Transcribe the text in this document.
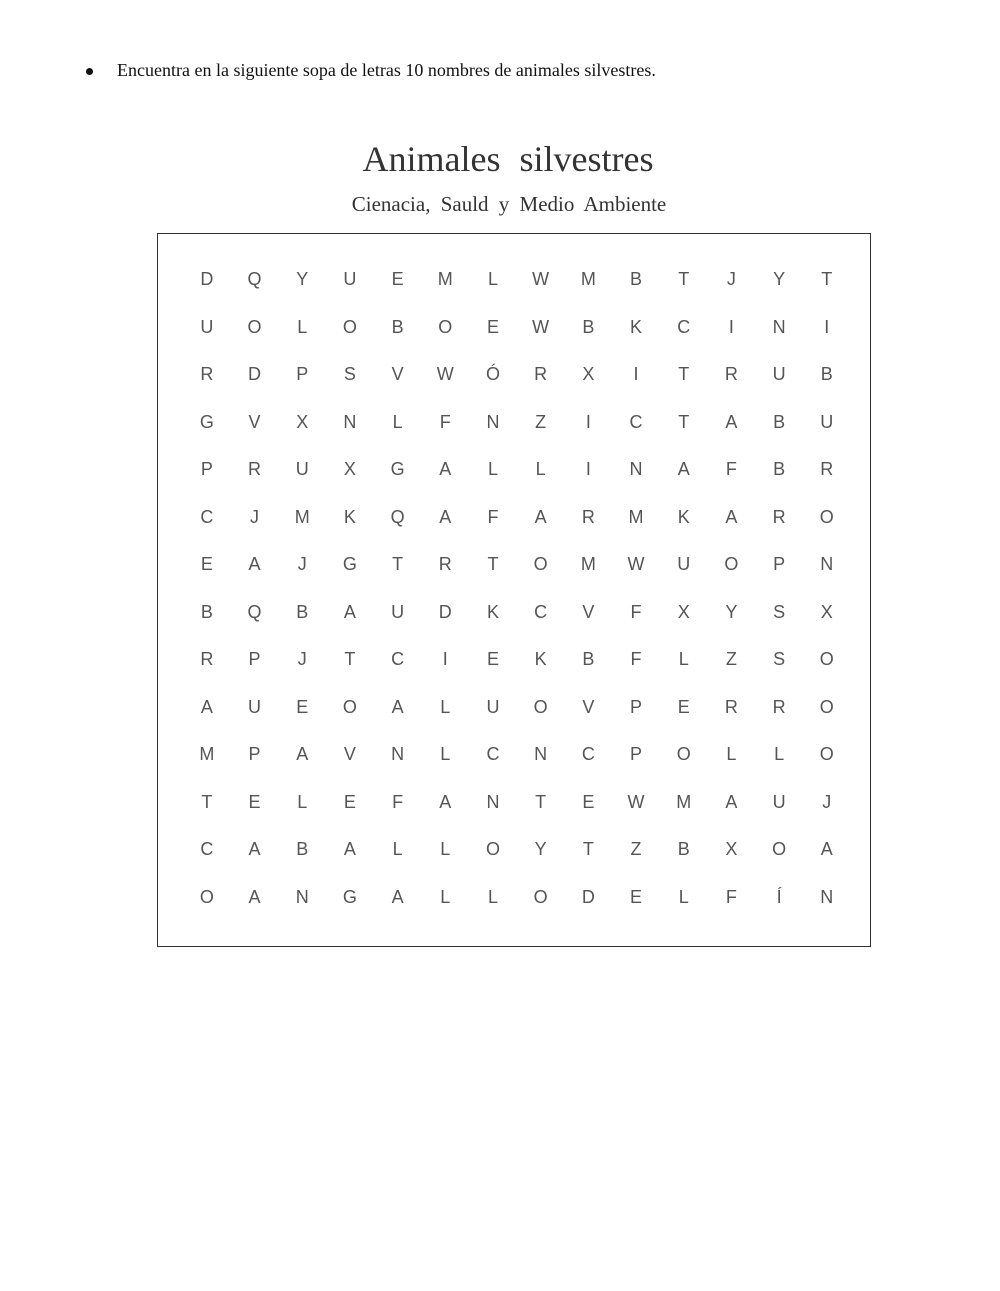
Encuentra en la siguiente sopa de letras 10 nombres de animales silvestres.
Animales silvestres
Cienacia, Sauld y Medio Ambiente
D	Q	Y	U	E	M	L	W	M	B	T	J	Y	T
U	O	L	O	B	O	E	W	B	K	C	I	N	I
R	D	P	S	V	W	Ó	R	X	I	T	R	U	B
G	V	X	N	L	F	N	Z	I	C	T	A	B	U
P	R	U	X	G	A	L	L	I	N	A	F	B	R
C	J	M	K	Q	A	F	A	R	M	K	A	R	O
E	A	J	G	T	R	T	O	M	W	U	O	P	N
B	Q	B	A	U	D	K	C	V	F	X	Y	S	X
R	P	J	T	C	I	E	K	B	F	L	Z	S	O
A	U	E	O	A	L	U	O	V	P	E	R	R	O
M	P	A	V	N	L	C	N	C	P	O	L	L	O
T	E	L	E	F	A	N	T	E	W	M	A	U	J
C	A	B	A	L	L	O	Y	T	Z	B	X	O	A
O	A	N	G	A	L	L	O	D	E	L	F	Í	N
